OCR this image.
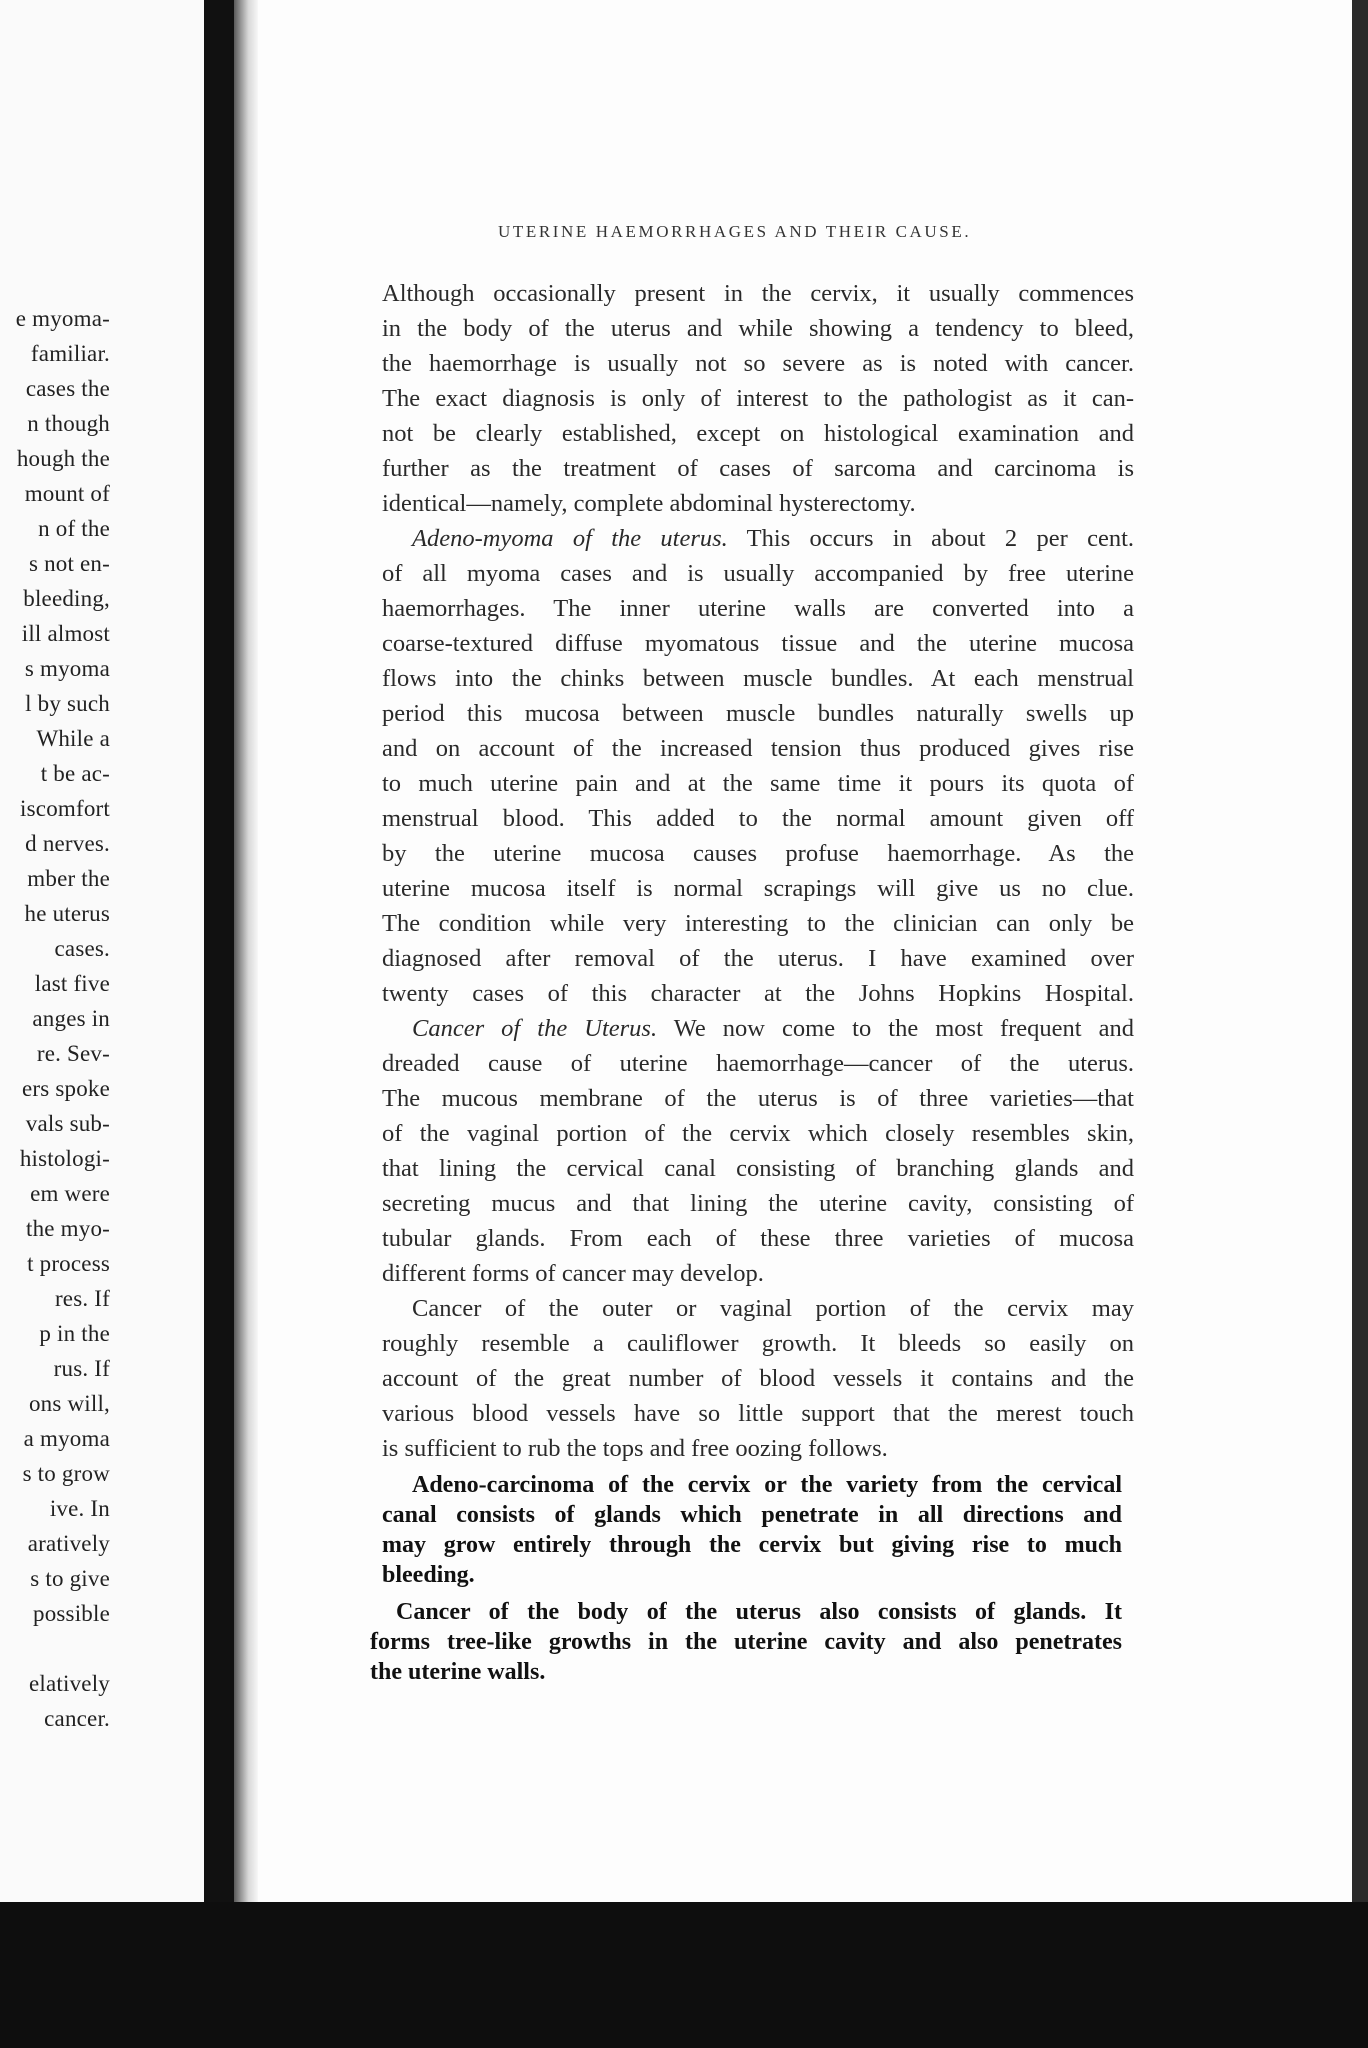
e myoma-
familiar.
cases the
n though
hough the
mount of
n of the
s not en-
bleeding,
ill almost
s myoma
l by such
While a
t be ac-
iscomfort
d nerves.
mber the
he uterus
cases.
last five
anges in
re. Sev-
ers spoke
vals sub-
histologi-
em were
the myo-
t process
res. If
p in the
rus. If
ons will,
a myoma
s to grow
ive. In
aratively
s to give
possible
elatively
cancer.
UTERINE HAEMORRHAGES AND THEIR CAUSE.
Although occasionally present in the cervix, it usually commences
in the body of the uterus and while showing a tendency to bleed,
the haemorrhage is usually not so severe as is noted with cancer.
The exact diagnosis is only of interest to the pathologist as it can-
not be clearly established, except on histological examination and
further as the treatment of cases of sarcoma and carcinoma is
identical—namely, complete abdominal hysterectomy.
Adeno-myoma of the uterus. This occurs in about 2 per cent.
of all myoma cases and is usually accompanied by free uterine
haemorrhages. The inner uterine walls are converted into a
coarse-textured diffuse myomatous tissue and the uterine mucosa
flows into the chinks between muscle bundles. At each menstrual
period this mucosa between muscle bundles naturally swells up
and on account of the increased tension thus produced gives rise
to much uterine pain and at the same time it pours its quota of
menstrual blood. This added to the normal amount given off
by the uterine mucosa causes profuse haemorrhage. As the
uterine mucosa itself is normal scrapings will give us no clue.
The condition while very interesting to the clinician can only be
diagnosed after removal of the uterus. I have examined over
twenty cases of this character at the Johns Hopkins Hospital.
Cancer of the Uterus. We now come to the most frequent and
dreaded cause of uterine haemorrhage—cancer of the uterus.
The mucous membrane of the uterus is of three varieties—that
of the vaginal portion of the cervix which closely resembles skin,
that lining the cervical canal consisting of branching glands and
secreting mucus and that lining the uterine cavity, consisting of
tubular glands. From each of these three varieties of mucosa
different forms of cancer may develop.
Cancer of the outer or vaginal portion of the cervix may
roughly resemble a cauliflower growth. It bleeds so easily on
account of the great number of blood vessels it contains and the
various blood vessels have so little support that the merest touch
is sufficient to rub the tops and free oozing follows.
Adeno-carcinoma of the cervix or the variety from the cervical
canal consists of glands which penetrate in all directions and
may grow entirely through the cervix but giving rise to much
bleeding.
Cancer of the body of the uterus also consists of glands. It
forms tree-like growths in the uterine cavity and also penetrates
the uterine walls.
